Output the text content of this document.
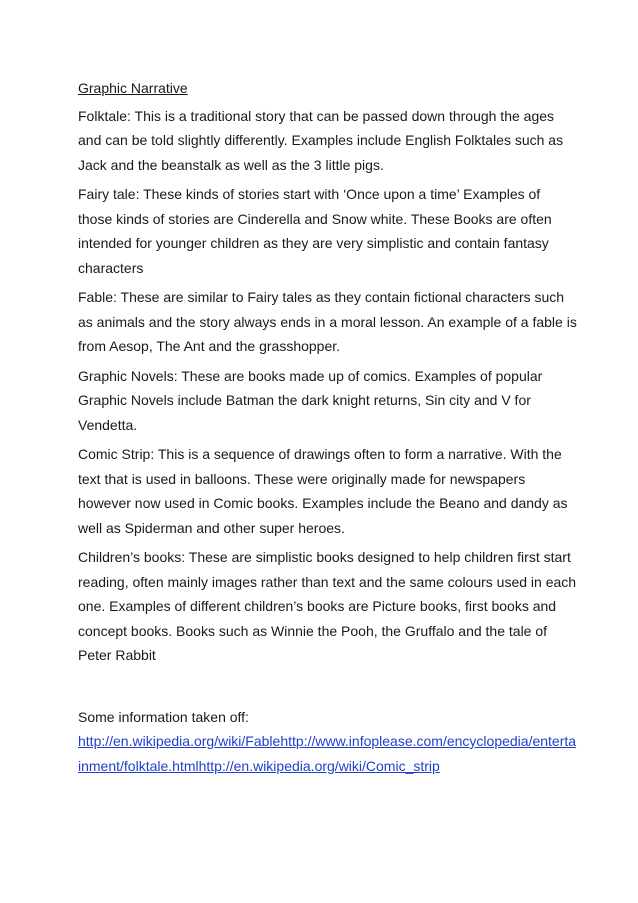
Graphic Narrative

Folktale: This is a traditional story that can be passed down through the ages and can be told slightly differently. Examples include English Folktales such as Jack and the beanstalk as well as the 3 little pigs.

Fairy tale: These kinds of stories start with ‘Once upon a time’ Examples of those kinds of stories are Cinderella and Snow white. These Books are often intended for younger children as they are very simplistic and contain fantasy characters

Fable: These are similar to Fairy tales as they contain fictional characters such as animals and the story always ends in a moral lesson. An example of a fable is from Aesop, The Ant and the grasshopper.

Graphic Novels: These are books made up of comics. Examples of popular Graphic Novels include Batman the dark knight returns, Sin city and V for Vendetta.

Comic Strip: This is a sequence of drawings often to form a narrative. With the text that is used in balloons. These were originally made for newspapers however now used in Comic books. Examples include the Beano and dandy as well as Spiderman and other super heroes.

Children’s books: These are simplistic books designed to help children first start reading, often mainly images rather than text and the same colours used in each one. Examples of different children’s books are Picture books, first books and concept books. Books such as Winnie the Pooh, the Gruffalo and the tale of Peter Rabbit

Some information taken off:

http://en.wikipedia.org/wiki/Fablehttp://www.infoplease.com/encyclopedia/entertainment/folktale.htmlhttp://en.wikipedia.org/wiki/Comic_strip
